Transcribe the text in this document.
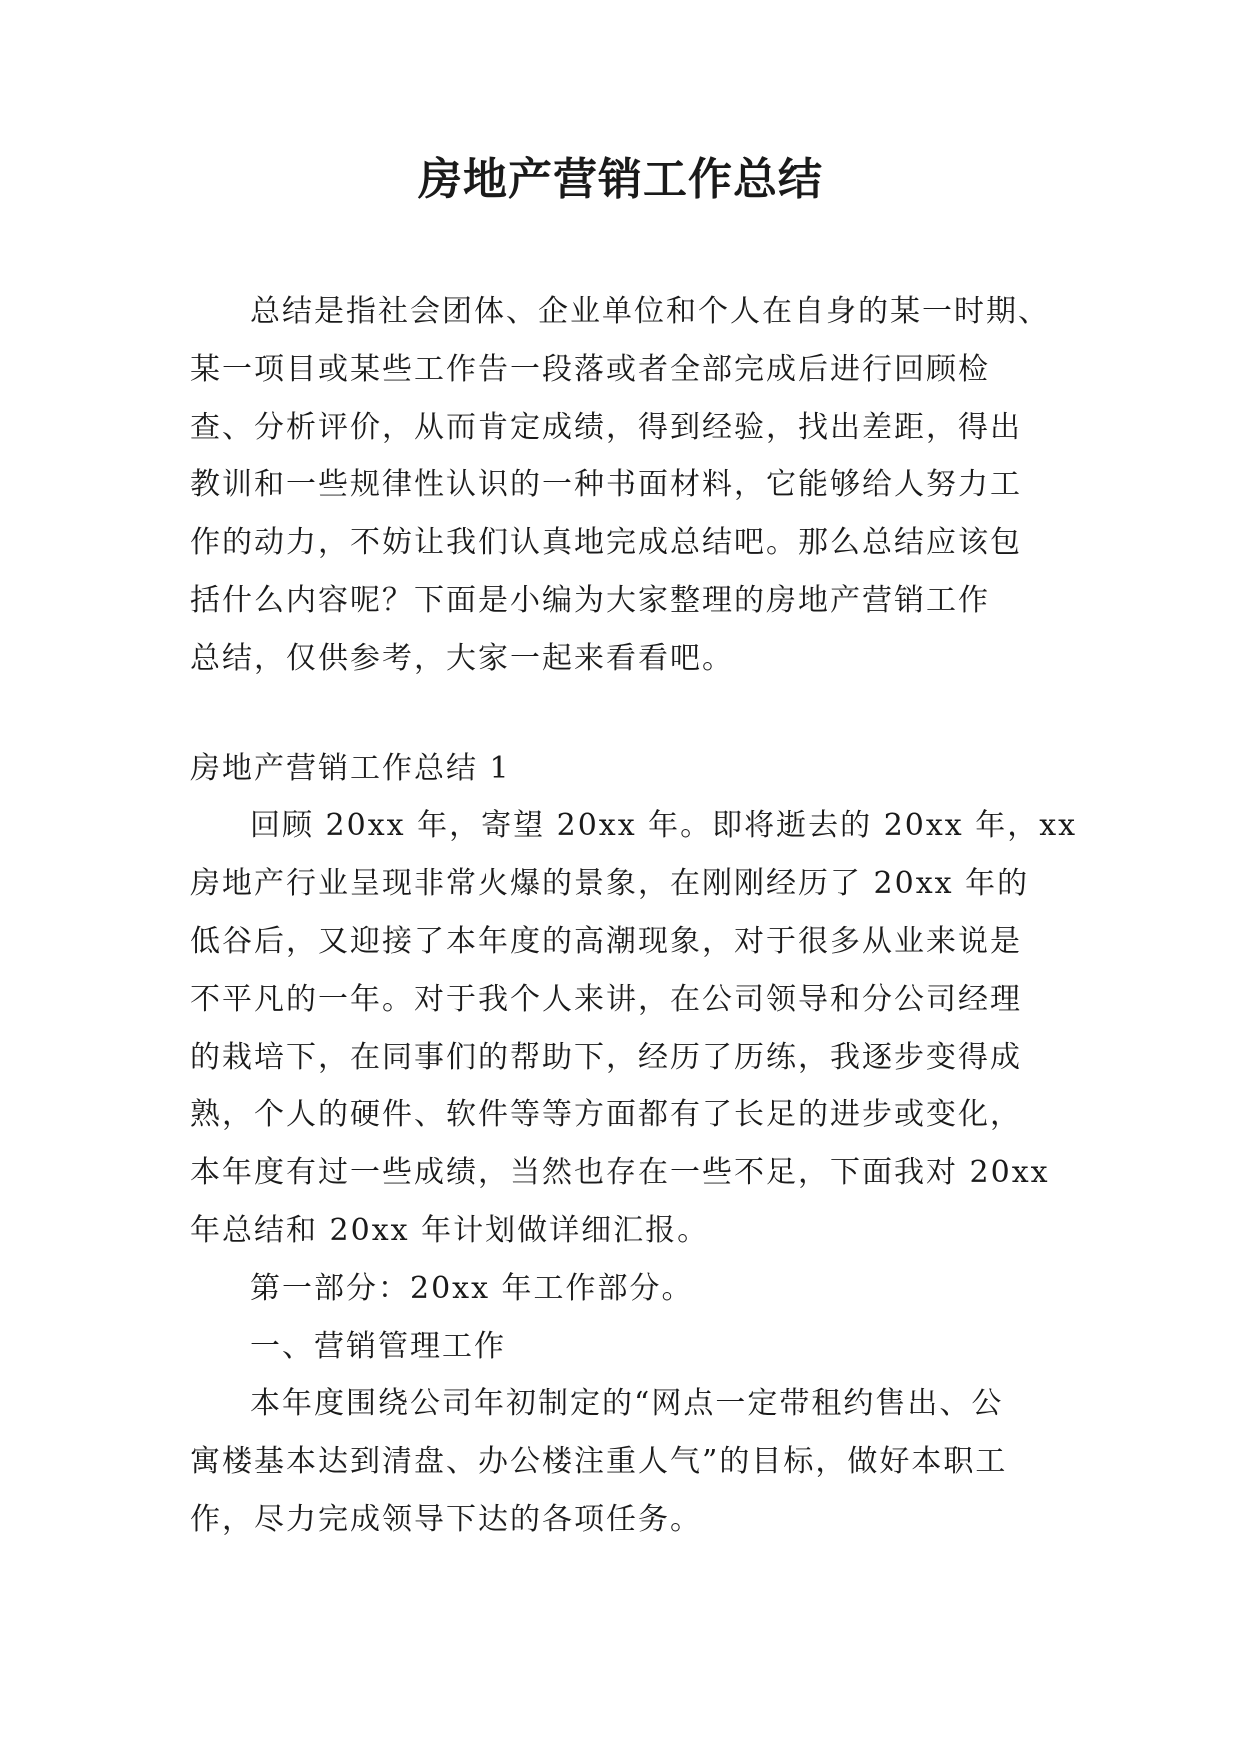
房地产营销工作总结

总结是指社会团体、企业单位和个人在自身的某一时期、
某一项目或某些工作告一段落或者全部完成后进行回顾检
查、分析评价，从而肯定成绩，得到经验，找出差距，得出
教训和一些规律性认识的一种书面材料，它能够给人努力工
作的动力，不妨让我们认真地完成总结吧。那么总结应该包
括什么内容呢？下面是小编为大家整理的房地产营销工作
总结，仅供参考，大家一起来看看吧。

房地产营销工作总结 1

回顾 20xx 年，寄望 20xx 年。即将逝去的 20xx 年，xx
房地产行业呈现非常火爆的景象，在刚刚经历了 20xx 年的
低谷后，又迎接了本年度的高潮现象，对于很多从业来说是
不平凡的一年。对于我个人来讲，在公司领导和分公司经理
的栽培下，在同事们的帮助下，经历了历练，我逐步变得成
熟，个人的硬件、软件等等方面都有了长足的进步或变化，
本年度有过一些成绩，当然也存在一些不足，下面我对 20xx
年总结和 20xx 年计划做详细汇报。

第一部分：20xx 年工作部分。

一、营销管理工作

本年度围绕公司年初制定的“网点一定带租约售出、公
寓楼基本达到清盘、办公楼注重人气”的目标，做好本职工
作，尽力完成领导下达的各项任务。
